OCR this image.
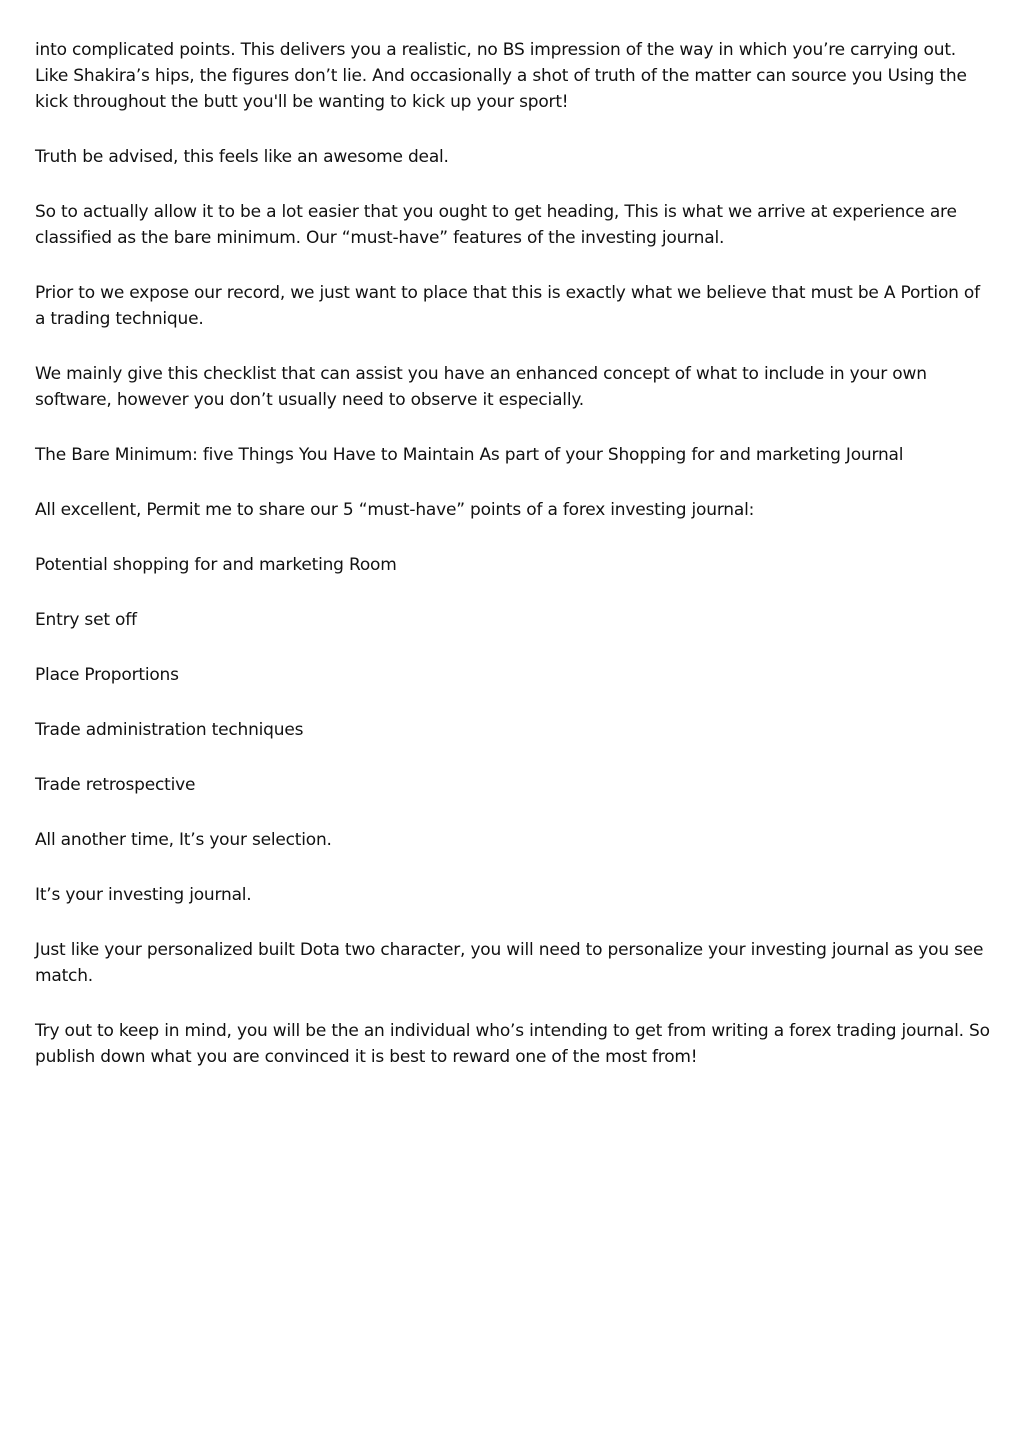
into complicated points. This delivers you a realistic, no BS impression of the way in which you’re carrying out. Like Shakira’s hips, the figures don’t lie. And occasionally a shot of truth of the matter can source you Using the kick throughout the butt you'll be wanting to kick up your sport!

Truth be advised, this feels like an awesome deal.

So to actually allow it to be a lot easier that you ought to get heading, This is what we arrive at experience are classified as the bare minimum. Our “must-have” features of the investing journal.

Prior to we expose our record, we just want to place that this is exactly what we believe that must be A Portion of a trading technique.

We mainly give this checklist that can assist you have an enhanced concept of what to include in your own software, however you don’t usually need to observe it especially.

The Bare Minimum: five Things You Have to Maintain As part of your Shopping for and marketing Journal

All excellent, Permit me to share our 5 “must-have” points of a forex investing journal:

Potential shopping for and marketing Room

Entry set off

Place Proportions

Trade administration techniques

Trade retrospective

All another time, It’s your selection.

It’s your investing journal.

Just like your personalized built Dota two character, you will need to personalize your investing journal as you see match.

Try out to keep in mind, you will be the an individual who’s intending to get from writing a forex trading journal. So publish down what you are convinced it is best to reward one of the most from!
